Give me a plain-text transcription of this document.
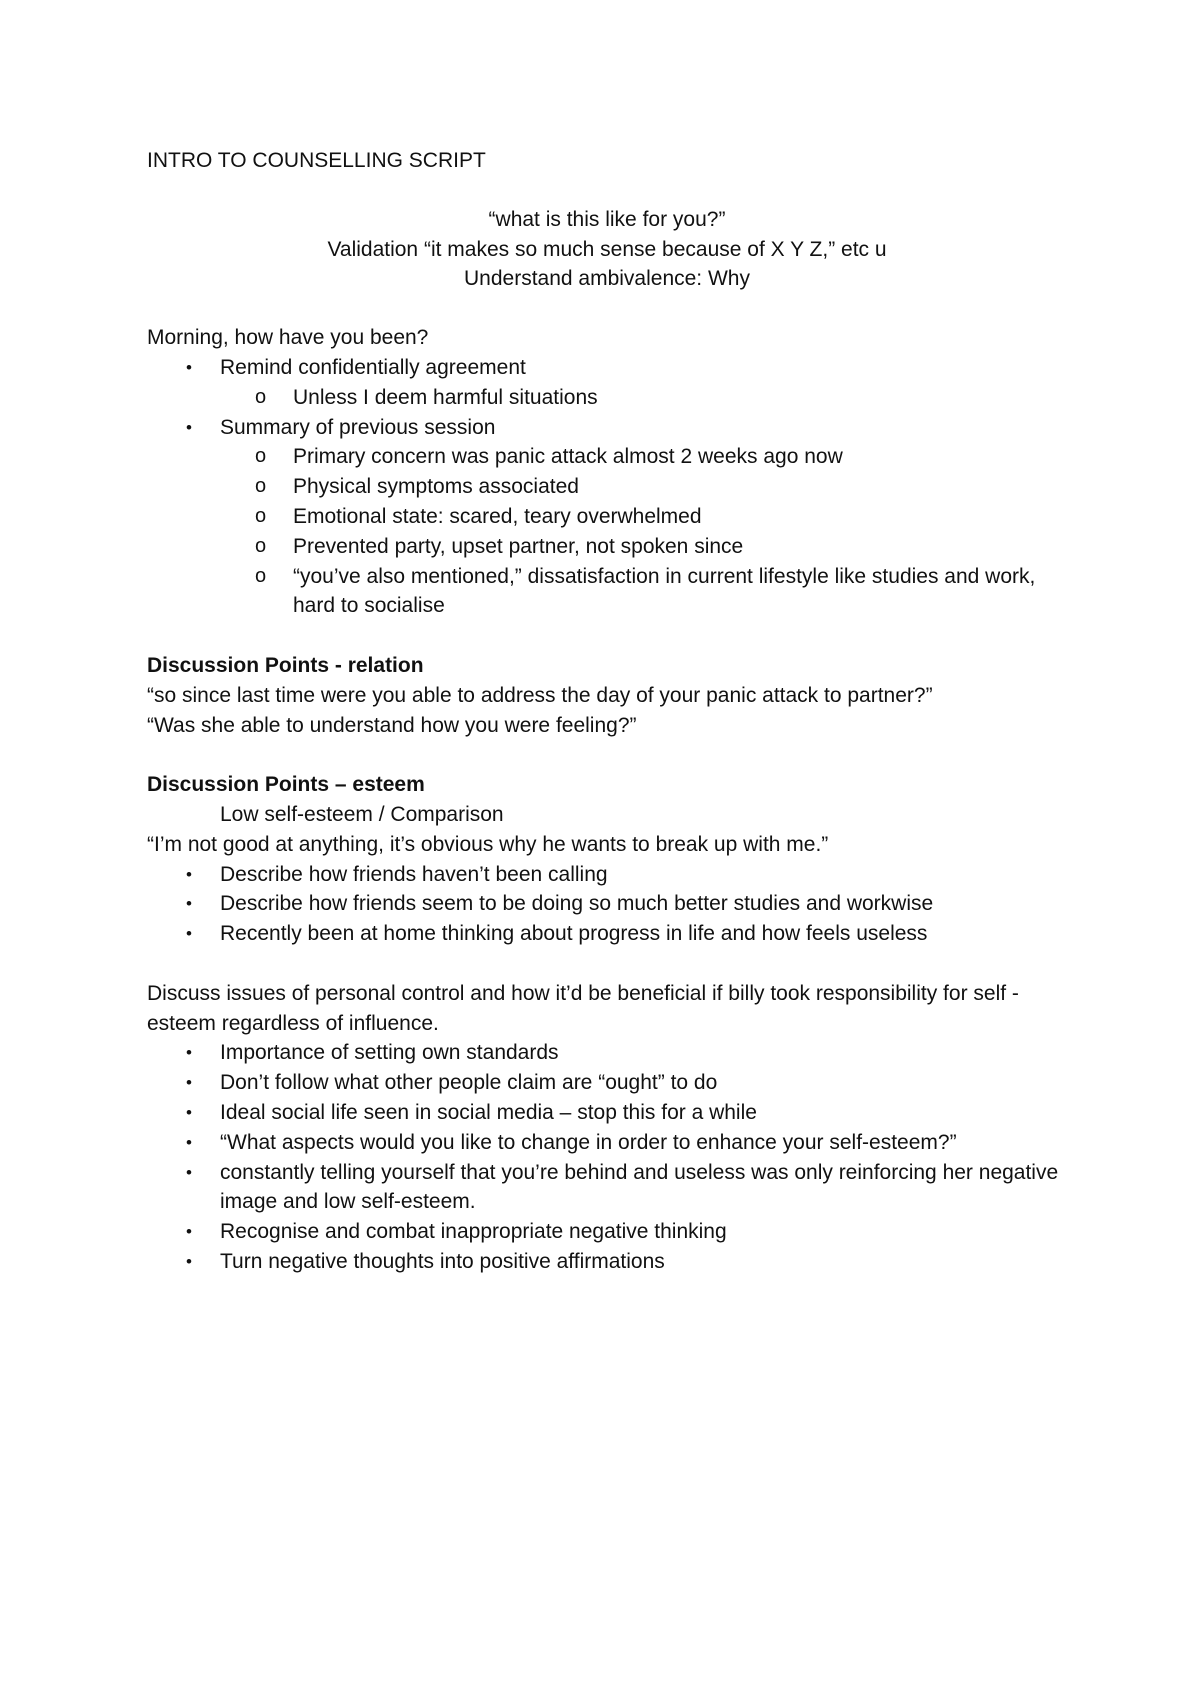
INTRO TO COUNSELLING SCRIPT

“what is this like for you?”
Validation “it makes so much sense because of X Y Z,” etc u
Understand ambivalence: Why

Morning, how have you been?

• Remind confidentially agreement
o Unless I deem harmful situations
• Summary of previous session
o Primary concern was panic attack almost 2 weeks ago now
o Physical symptoms associated
o Emotional state: scared, teary overwhelmed
o Prevented party, upset partner, not spoken since
o “you’ve also mentioned,” dissatisfaction in current lifestyle like studies and work, hard to socialise

Discussion Points - relation

“so since last time were you able to address the day of your panic attack to partner?”

“Was she able to understand how you were feeling?”

Discussion Points – esteem

Low self-esteem / Comparison

“I’m not good at anything, it’s obvious why he wants to break up with me.”

• Describe how friends haven’t been calling
• Describe how friends seem to be doing so much better studies and workwise
• Recently been at home thinking about progress in life and how feels useless

Discuss issues of personal control and how it’d be beneficial if billy took responsibility for self -esteem regardless of influence.

• Importance of setting own standards
• Don’t follow what other people claim are “ought” to do
• Ideal social life seen in social media – stop this for a while
• “What aspects would you like to change in order to enhance your self-esteem?”
• constantly telling yourself that you’re behind and useless was only reinforcing her negative image and low self-esteem.
• Recognise and combat inappropriate negative thinking
• Turn negative thoughts into positive affirmations
